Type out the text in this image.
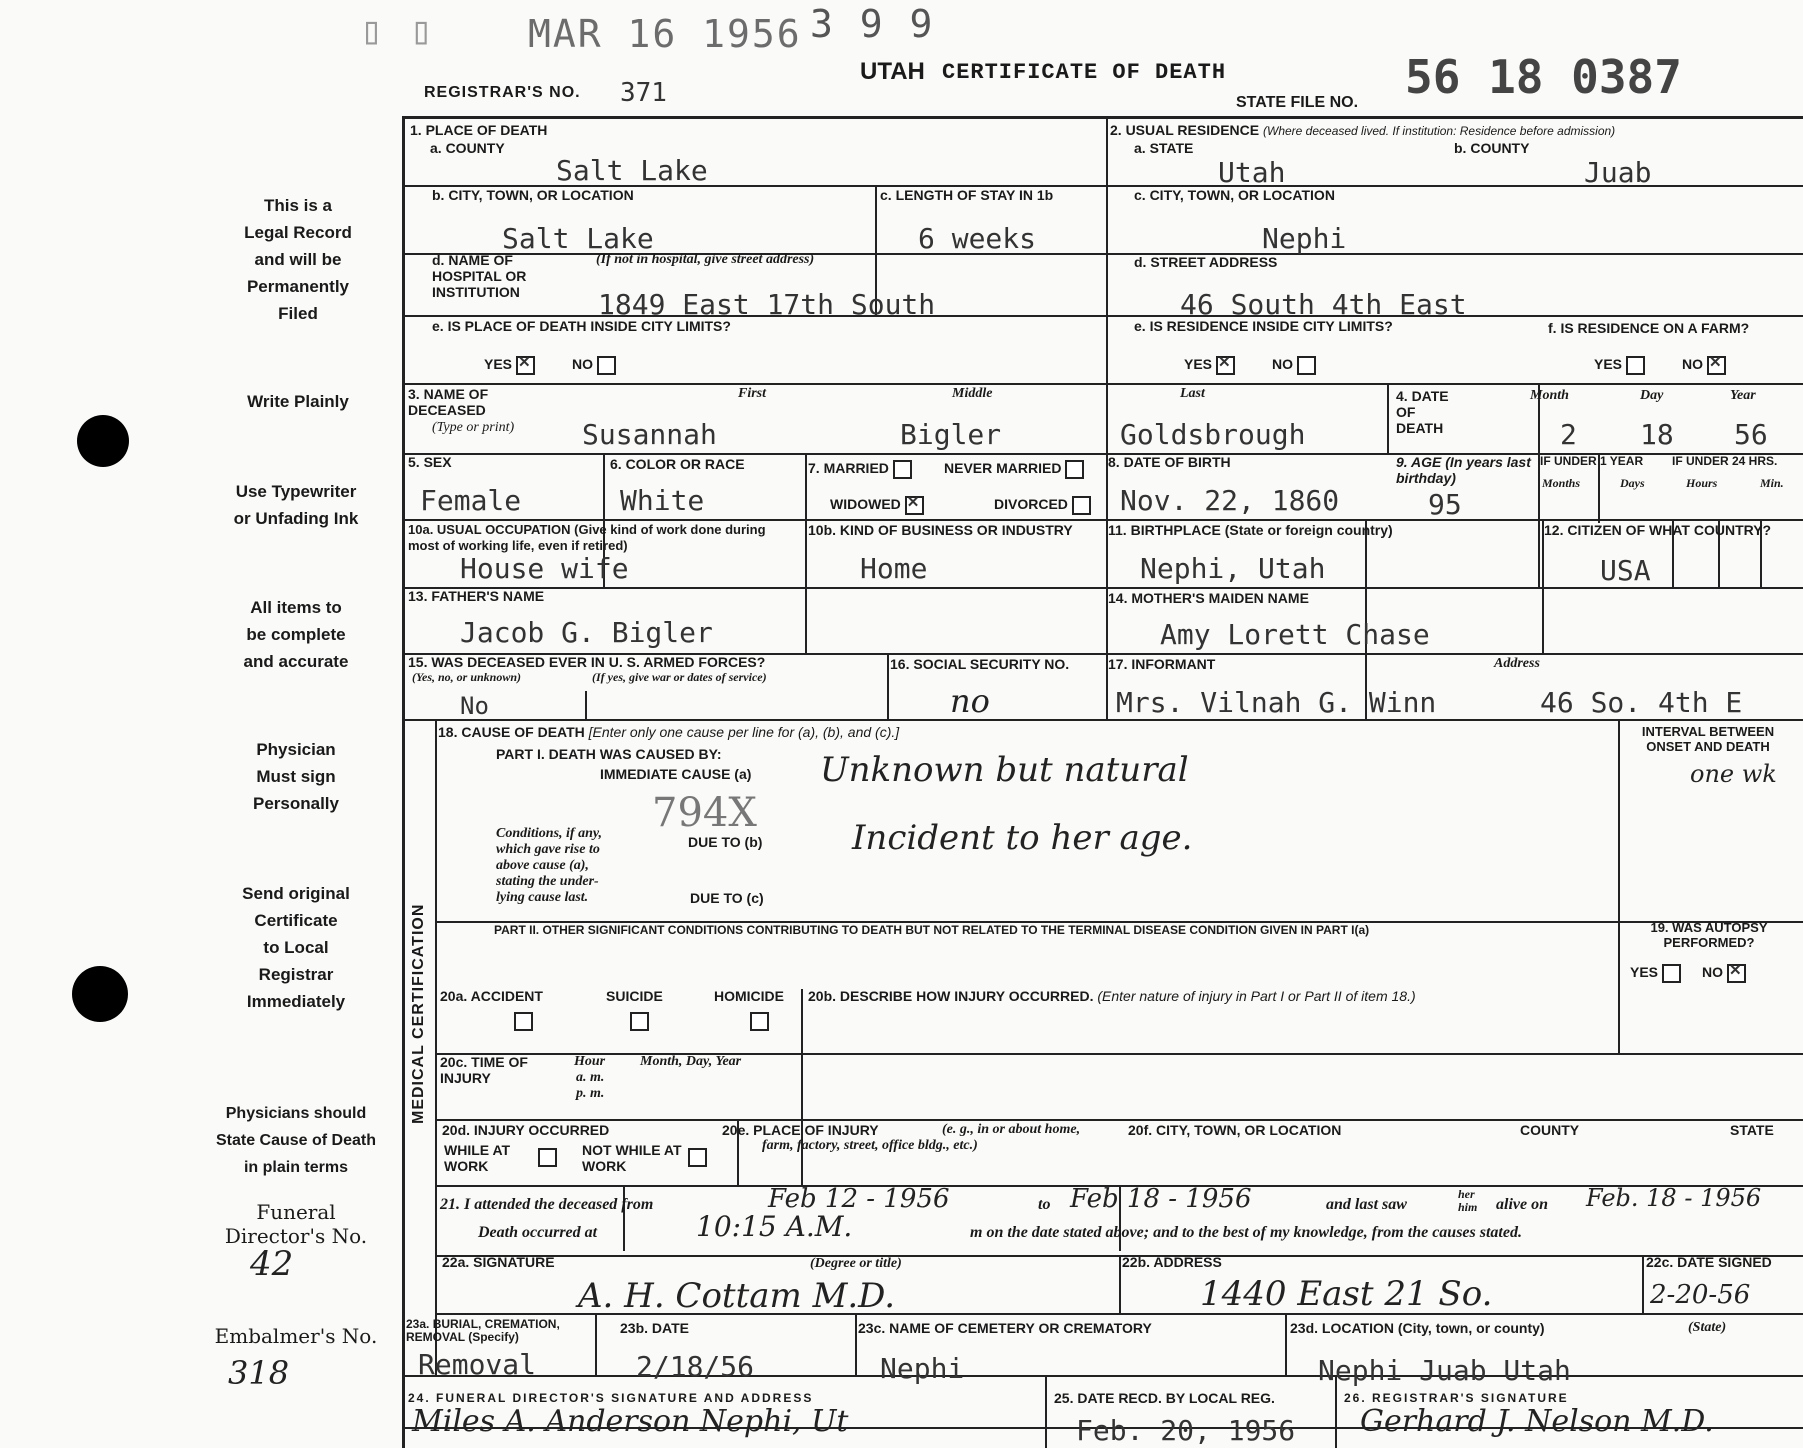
▯ ▯ MAR 16 1956 3 9 9
56 18 0387
REGISTRAR'S NO. 371
UTAH CERTIFICATE OF DEATH
STATE FILE NO.
This is a
Legal Record
and will be
Permanently
Filed
Write Plainly
Use Typewriter
or Unfading Ink
All items to
be complete
and accurate
Physician
Must sign
Personally
Send original
Certificate
to Local
Registrar
Immediately
Physicians should
State Cause of Death
in plain terms
Funeral
Director's No.
42
Embalmer's No.
318
1. PLACE OF DEATH
a. COUNTY
Salt Lake
b. CITY, TOWN, OR LOCATION
Salt Lake
c. LENGTH OF STAY IN 1b
6 weeks
d. NAME OF HOSPITAL OR INSTITUTION
(If not in hospital, give street address)
1849 East 17th South
e. IS PLACE OF DEATH INSIDE CITY LIMITS?
YES ✕	NO
2. USUAL RESIDENCE (Where deceased lived. If institution: Residence before admission)
a. STATE
Utah
b. COUNTY
Juab
c. CITY, TOWN, OR LOCATION
Nephi
d. STREET ADDRESS
46 South 4th East
e. IS RESIDENCE INSIDE CITY LIMITS?
YES ✕	NO
f. IS RESIDENCE ON A FARM?
YES	NO✕
3. NAME OF DECEASED
(Type or print)
First	Middle	Last
Susannah	Bigler	Goldsbrough
4. DATE OF DEATH
Month	Day	Year
2 18 56
5. SEX
Female
6. COLOR OR RACE
White
7. MARRIED	NEVER MARRIED
WIDOWED ✕	DIVORCED
8. DATE OF BIRTH
Nov. 22, 1860
9. AGE (In years last birthday)
95
IF UNDER 1 YEAR IF UNDER 24 HRS.
Months	Days	Hours	Min.
10a. USUAL OCCUPATION (Give kind of work done during most of working life, even if retired)
House wife
10b. KIND OF BUSINESS OR INDUSTRY
Home
11. BIRTHPLACE (State or foreign country)
Nephi, Utah
12. CITIZEN OF WHAT COUNTRY?
USA
13. FATHER'S NAME
Jacob G. Bigler
14. MOTHER'S MAIDEN NAME
Amy Lorett Chase
15. WAS DECEASED EVER IN U. S. ARMED FORCES?
(Yes, no, or unknown)	(If yes, give war or dates of service)
No
16. SOCIAL SECURITY NO.
no
17. INFORMANT	Address
Mrs. Vilnah G. Winn	46 So. 4th E
MEDICAL CERTIFICATION
18. CAUSE OF DEATH [Enter only one cause per line for (a), (b), and (c).]
PART I. DEATH WAS CAUSED BY:
IMMEDIATE CAUSE (a) Unknown but natural
794X
Conditions, if any,
which gave rise to
above cause (a),
stating the under-
lying cause last.
DUE TO (b)	Incident to her age.
DUE TO (c)
INTERVAL BETWEEN ONSET AND DEATH
one wk
PART II. OTHER SIGNIFICANT CONDITIONS CONTRIBUTING TO DEATH BUT NOT RELATED TO THE TERMINAL DISEASE CONDITION GIVEN IN PART I(a)	19. WAS AUTOPSY PERFORMED?
YES	NO✕
20a. ACCIDENT	SUICIDE	HOMICIDE 20b. DESCRIBE HOW INJURY OCCURRED. (Enter nature of injury in Part I or Part II of item 18.)
20c. TIME OF INJURY
Hour
a. m.
p. m.
Month, Day, Year
20d. INJURY OCCURRED
WHILE AT WORK
NOT WHILE AT WORK
20e. PLACE OF INJURY	(e. g., in or about home, farm, factory, street, office bldg., etc.)
20f. CITY, TOWN, OR LOCATION	COUNTY	STATE
21. I attended the deceased from	Feb 12 - 1956	to Feb 18 - 1956	and last saw
her him	alive on Feb. 18 - 1956
Death occurred at	10:15 A.M.	m on the date stated above; and to the best of my knowledge, from the causes stated.
22a. SIGNATURE	(Degree or title)
A. H. Cottam M.D.
22b. ADDRESS
1440 East 21 So.
22c. DATE SIGNED
2-20-56
23a. BURIAL, CREMATION, REMOVAL (Specify)
Removal
23b. DATE
2/18/56
23c. NAME OF CEMETERY OR CREMATORY
Nephi
23d. LOCATION (City, town, or county)	(State)
Nephi Juab Utah
24. FUNERAL DIRECTOR'S SIGNATURE AND ADDRESS
Miles A. Anderson Nephi, Ut
25. DATE RECD. BY LOCAL REG.
Feb. 20, 1956
26. REGISTRAR'S SIGNATURE
Gerhard J. Nelson M.D.
